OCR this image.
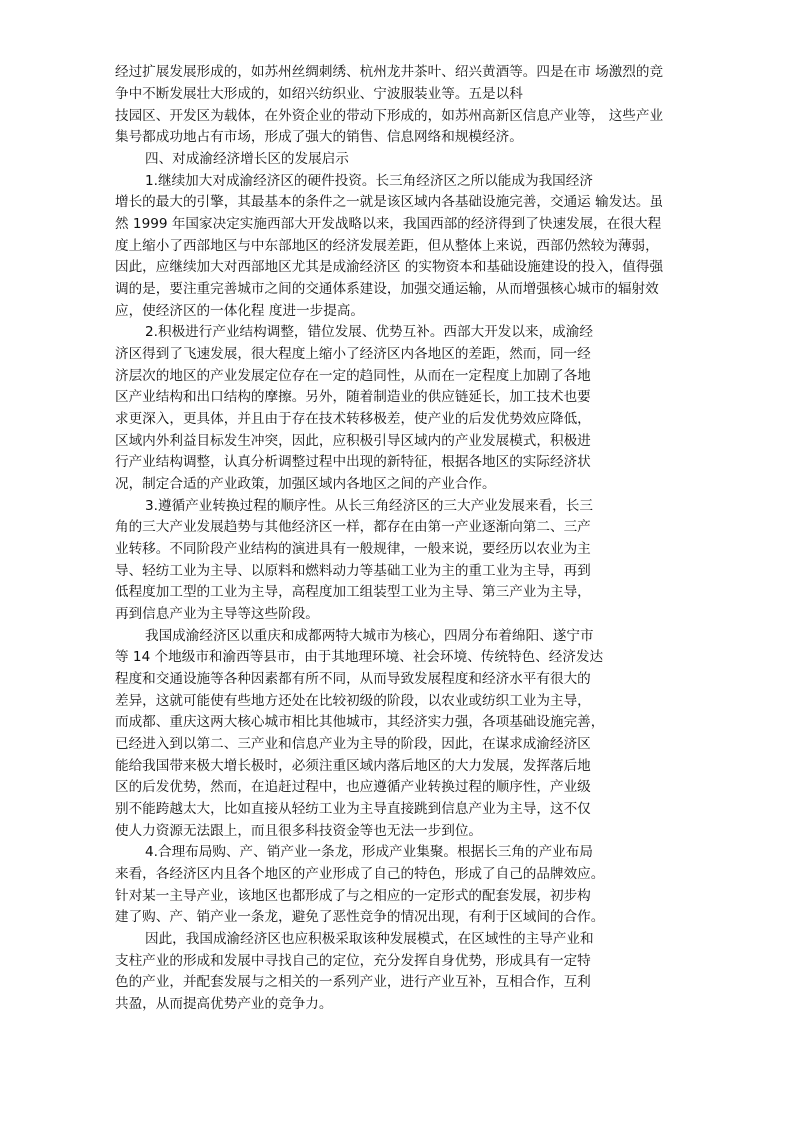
经过扩展发展形成的，如苏州丝绸刺绣、杭州龙井茶叶、绍兴黄酒等。四是在市 场激烈的竞
争中不断发展壮大形成的，如绍兴纺织业、宁波服装业等。五是以科
技园区、开发区为载体，在外资企业的带动下形成的，如苏州高新区信息产业等， 这些产业
集号都成功地占有市场，形成了强大的销售、信息网络和规模经济。
四、对成渝经济增长区的发展启示
1.继续加大对成渝经济区的硬件投资。长三角经济区之所以能成为我国经济
增长的最大的引擎，其最基本的条件之一就是该区域内各基础设施完善，交通运 输发达。虽
然 1999 年国家决定实施西部大开发战略以来，我国西部的经济得到了快速发展，在很大程
度上缩小了西部地区与中东部地区的经济发展差距，但从整体上来说，西部仍然较为薄弱，
因此，应继续加大对西部地区尤其是成渝经济区 的实物资本和基础设施建设的投入，值得强
调的是，要注重完善城市之间的交通体系建设，加强交通运输，从而增强核心城市的辐射效
应，使经济区的一体化程 度进一步提高。
2.积极进行产业结构调整，错位发展、优势互补。西部大开发以来，成渝经
济区得到了飞速发展，很大程度上缩小了经济区内各地区的差距，然而，同一经
济层次的地区的产业发展定位存在一定的趋同性，从而在一定程度上加剧了各地
区产业结构和出口结构的摩擦。另外，随着制造业的供应链延长，加工技术也要
求更深入，更具体，并且由于存在技术转移极差，使产业的后发优势效应降低，
区域内外利益目标发生冲突，因此，应积极引导区域内的产业发展模式，积极进
行产业结构调整，认真分析调整过程中出现的新特征，根据各地区的实际经济状
况，制定合适的产业政策，加强区域内各地区之间的产业合作。
3.遵循产业转换过程的顺序性。从长三角经济区的三大产业发展来看，长三
角的三大产业发展趋势与其他经济区一样，都存在由第一产业逐渐向第二、三产
业转移。不同阶段产业结构的演进具有一般规律，一般来说，要经历以农业为主
导、轻纺工业为主导、以原料和燃料动力等基础工业为主的重工业为主导，再到
低程度加工型的工业为主导，高程度加工组装型工业为主导、第三产业为主导，
再到信息产业为主导等这些阶段。
我国成渝经济区以重庆和成都两特大城市为核心，四周分布着绵阳、遂宁市
等 14 个地级市和渝西等县市，由于其地理环境、社会环境、传统特色、经济发达
程度和交通设施等各种因素都有所不同，从而导致发展程度和经济水平有很大的
差异，这就可能使有些地方还处在比较初级的阶段，以农业或纺织工业为主导，
而成都、重庆这两大核心城市相比其他城市，其经济实力强，各项基础设施完善，
已经进入到以第二、三产业和信息产业为主导的阶段，因此，在谋求成渝经济区
能给我国带来极大增长极时，必须注重区域内落后地区的大力发展，发挥落后地
区的后发优势，然而，在追赶过程中，也应遵循产业转换过程的顺序性，产业级
别不能跨越太大，比如直接从轻纺工业为主导直接跳到信息产业为主导，这不仅
使人力资源无法跟上，而且很多科技资金等也无法一步到位。
4.合理布局购、产、销产业一条龙，形成产业集聚。根据长三角的产业布局
来看，各经济区内且各个地区的产业形成了自己的特色，形成了自己的品牌效应。
针对某一主导产业，该地区也都形成了与之相应的一定形式的配套发展，初步构
建了购、产、销产业一条龙，避免了恶性竞争的情况出现，有利于区域间的合作。
因此，我国成渝经济区也应积极采取该种发展模式，在区域性的主导产业和
支柱产业的形成和发展中寻找自己的定位，充分发挥自身优势，形成具有一定特
色的产业，并配套发展与之相关的一系列产业，进行产业互补，互相合作，互利
共盈，从而提高优势产业的竞争力。
